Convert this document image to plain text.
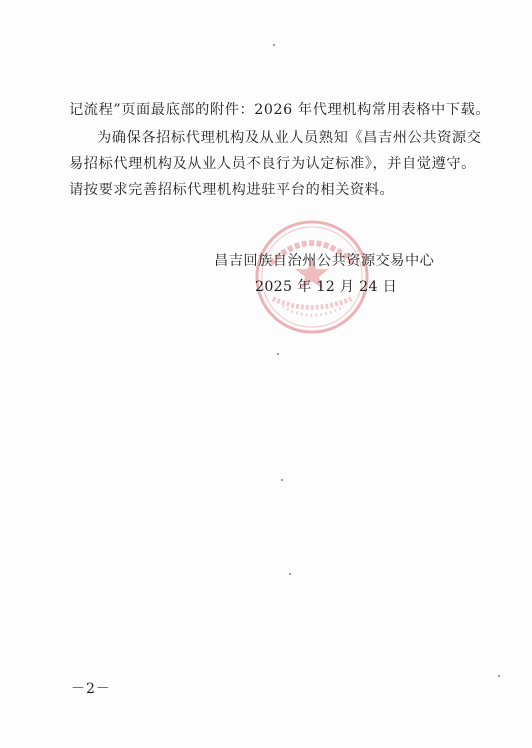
记流程”页面最底部的附件：2026 年代理机构常用表格中下载。
为确保各招标代理机构及从业人员熟知《昌吉州公共资源交
易招标代理机构及从业人员不良行为认定标准》，并自觉遵守。
请按要求完善招标代理机构进驻平台的相关资料。
昌吉回族自治州公共资源交易中心
2025 年 12 月 24 日
－2－
